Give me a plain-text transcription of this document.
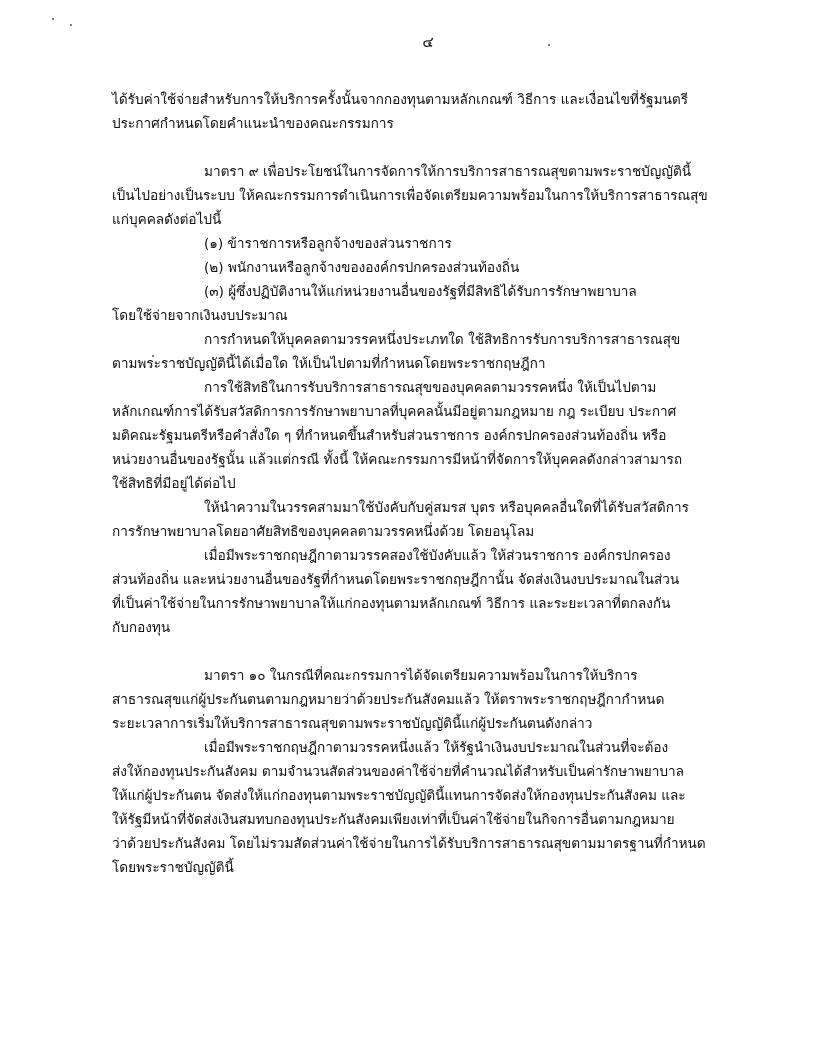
๔

ได้รับค่าใช้จ่ายสำหรับการให้บริการครั้งนั้นจากกองทุนตามหลักเกณฑ์ วิธีการ และเงื่อนไขที่รัฐมนตรี
ประกาศกำหนดโดยคำแนะนำของคณะกรรมการ

มาตรา ๙ เพื่อประโยชน์ในการจัดการให้การบริการสาธารณสุขตามพระราชบัญญัตินี้
เป็นไปอย่างเป็นระบบ ให้คณะกรรมการดำเนินการเพื่อจัดเตรียมความพร้อมในการให้บริการสาธารณสุข
แก่บุคคลดังต่อไปนี้

(๑) ข้าราชการหรือลูกจ้างของส่วนราชการ
(๒) พนักงานหรือลูกจ้างขององค์กรปกครองส่วนท้องถิ่น
(๓) ผู้ซึ่งปฏิบัติงานให้แก่หน่วยงานอื่นของรัฐที่มีสิทธิได้รับการรักษาพยาบาล
โดยใช้จ่ายจากเงินงบประมาณ

การกำหนดให้บุคคลตามวรรคหนึ่งประเภทใด ใช้สิทธิการรับการบริการสาธารณสุข
ตามพระราชบัญญัตินี้ได้เมื่อใด ให้เป็นไปตามที่กำหนดโดยพระราชกฤษฎีกา

การใช้สิทธิในการรับบริการสาธารณสุขของบุคคลตามวรรคหนึ่ง ให้เป็นไปตาม
หลักเกณฑ์การได้รับสวัสดิการการรักษาพยาบาลที่บุคคลนั้นมีอยู่ตามกฎหมาย กฎ ระเบียบ ประกาศ
มติคณะรัฐมนตรีหรือคำสั่งใด ๆ ที่กำหนดขึ้นสำหรับส่วนราชการ องค์กรปกครองส่วนท้องถิ่น หรือ
หน่วยงานอื่นของรัฐนั้น แล้วแต่กรณี ทั้งนี้ ให้คณะกรรมการมีหน้าที่จัดการให้บุคคลดังกล่าวสามารถ
ใช้สิทธิที่มีอยู่ได้ต่อไป

ให้นำความในวรรคสามมาใช้บังคับกับคู่สมรส บุตร หรือบุคคลอื่นใดที่ได้รับสวัสดิการ
การรักษาพยาบาลโดยอาศัยสิทธิของบุคคลตามวรรคหนึ่งด้วย โดยอนุโลม

เมื่อมีพระราชกฤษฎีกาตามวรรคสองใช้บังคับแล้ว ให้ส่วนราชการ องค์กรปกครอง
ส่วนท้องถิ่น และหน่วยงานอื่นของรัฐที่กำหนดโดยพระราชกฤษฎีกานั้น จัดส่งเงินงบประมาณในส่วน
ที่เป็นค่าใช้จ่ายในการรักษาพยาบาลให้แก่กองทุนตามหลักเกณฑ์ วิธีการ และระยะเวลาที่ตกลงกัน
กับกองทุน

มาตรา ๑๐ ในกรณีที่คณะกรรมการได้จัดเตรียมความพร้อมในการให้บริการ
สาธารณสุขแก่ผู้ประกันตนตามกฎหมายว่าด้วยประกันสังคมแล้ว ให้ตราพระราชกฤษฎีกากำหนด
ระยะเวลาการเริ่มให้บริการสาธารณสุขตามพระราชบัญญัตินี้แก่ผู้ประกันตนดังกล่าว

เมื่อมีพระราชกฤษฎีกาตามวรรคหนึ่งแล้ว ให้รัฐนำเงินงบประมาณในส่วนที่จะต้อง
ส่งให้กองทุนประกันสังคม ตามจำนวนสัดส่วนของค่าใช้จ่ายที่คำนวณได้สำหรับเป็นค่ารักษาพยาบาล
ให้แก่ผู้ประกันตน จัดส่งให้แก่กองทุนตามพระราชบัญญัตินี้แทนการจัดส่งให้กองทุนประกันสังคม และ
ให้รัฐมีหน้าที่จัดส่งเงินสมทบกองทุนประกันสังคมเพียงเท่าที่เป็นค่าใช้จ่ายในกิจการอื่นตามกฎหมาย
ว่าด้วยประกันสังคม โดยไม่รวมสัดส่วนค่าใช้จ่ายในการได้รับบริการสาธารณสุขตามมาตรฐานที่กำหนด
โดยพระราชบัญญัตินี้
